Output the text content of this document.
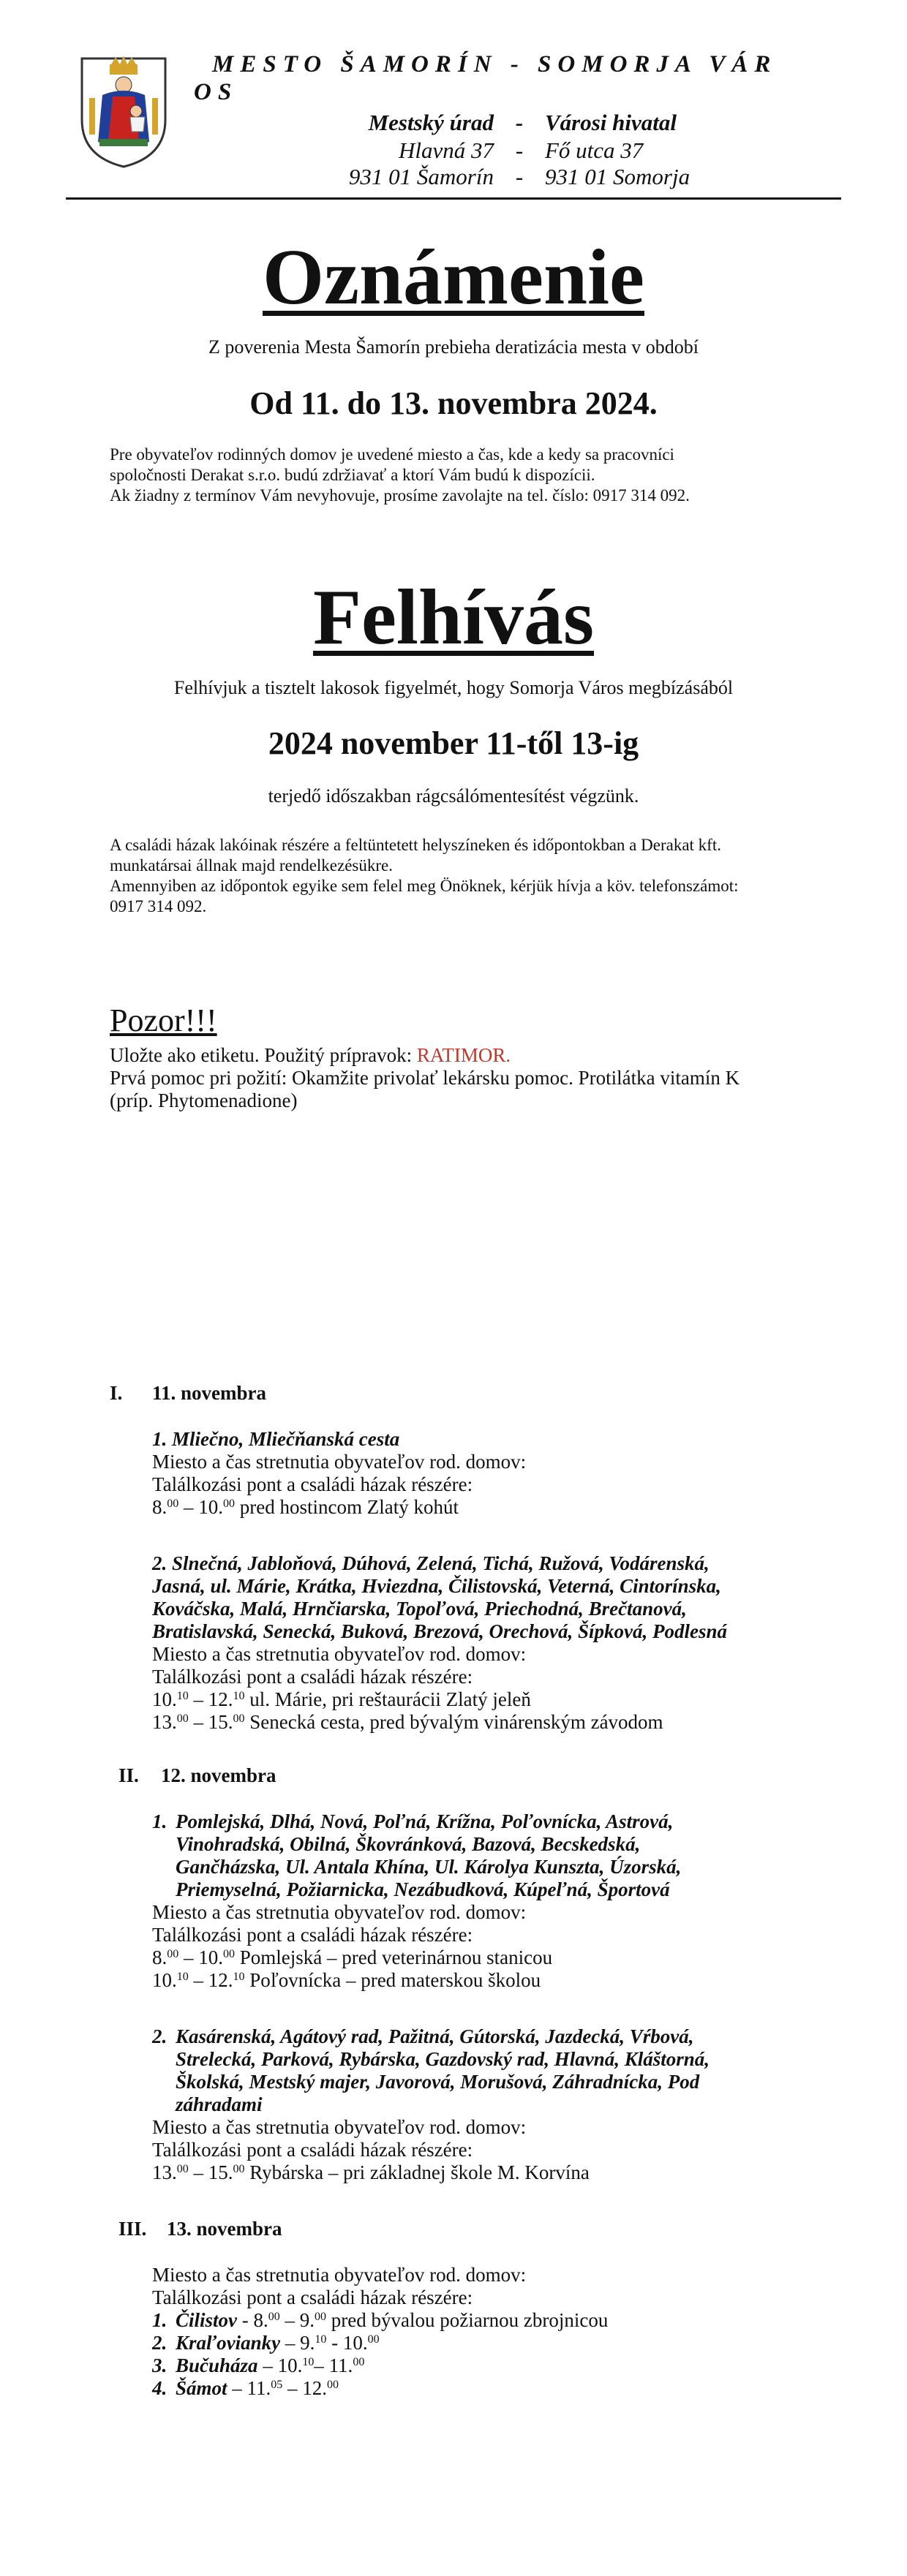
MESTO ŠAMORÍN - SOMORJA VÁR
OS
Mestský úrad - Városi hivatal
Hlavná 37 - Fő utca 37
931 01 Šamorín - 931 01 Somorja
Oznámenie
Z poverenia Mesta Šamorín prebieha deratizácia mesta v období
Od 11. do 13. novembra 2024.
Pre obyvateľov rodinných domov je uvedené miesto a čas, kde a kedy sa pracovníci
spoločnosti Derakat s.r.o. budú zdržiavať a ktorí Vám budú k dispozícii.
Ak žiadny z termínov Vám nevyhovuje, prosíme zavolajte na tel. číslo: 0917 314 092.
Felhívás
Felhívjuk a tisztelt lakosok figyelmét, hogy Somorja Város megbízásából
2024 november 11-től 13-ig
terjedő időszakban rágcsálómentesítést végzünk.
A családi házak lakóinak részére a feltüntetett helyszíneken és időpontokban a Derakat kft.
munkatársai állnak majd rendelkezésükre.
Amennyiben az időpontok egyike sem felel meg Önöknek, kérjük hívja a köv. telefonszámot:
0917 314 092.
Pozor!!!
Uložte ako etiketu. Použitý prípravok: RATIMOR.
Prvá pomoc pri požití: Okamžite privolať lekársku pomoc. Protilátka vitamín K
(príp. Phytomenadione)
I. 11. novembra
1. Mliečno, Mliečňanská cesta
Miesto a čas stretnutia obyvateľov rod. domov:
Találkozási pont a családi házak részére:
8.00 – 10.00 pred hostincom Zlatý kohút
2. Slnečná, Jabloňová, Dúhová, Zelená, Tichá, Ružová, Vodárenská,
Jasná, ul. Márie, Krátka, Hviezdna, Čilistovská, Veterná, Cintorínska,
Kováčska, Malá, Hrnčiarska, Topoľová, Priechodná, Brečtanová,
Bratislavská, Senecká, Buková, Brezová, Orechová, Šípková, Podlesná
Miesto a čas stretnutia obyvateľov rod. domov:
Találkozási pont a családi házak részére:
10.10 – 12.10 ul. Márie, pri reštaurácii Zlatý jeleň
13.00 – 15.00 Senecká cesta, pred bývalým vinárenským závodom
II. 12. novembra
1. Pomlejská, Dlhá, Nová, Poľná, Krížna, Poľovnícka, Astrová,
Vinohradská, Obilná, Škovránková, Bazová, Becskedská,
Gančházska, Ul. Antala Khína, Ul. Károlya Kunszta, Úzorská,
Priemyselná, Požiarnicka, Nezábudková, Kúpeľná, Športová
Miesto a čas stretnutia obyvateľov rod. domov:
Találkozási pont a családi házak részére:
8.00 – 10.00 Pomlejská – pred veterinárnou stanicou
10.10 – 12.10 Poľovnícka – pred materskou školou
2. Kasárenská, Agátový rad, Pažitná, Gútorská, Jazdecká, Vŕbová,
Strelecká, Parková, Rybárska, Gazdovský rad, Hlavná, Kláštorná,
Školská, Mestský majer, Javorová, Morušová, Záhradnícka, Pod
záhradami
Miesto a čas stretnutia obyvateľov rod. domov:
Találkozási pont a családi házak részére:
13.00 – 15.00 Rybárska – pri základnej škole M. Korvína
III. 13. novembra
Miesto a čas stretnutia obyvateľov rod. domov:
Találkozási pont a családi házak részére:
1. Čilistov - 8.00 – 9.00 pred bývalou požiarnou zbrojnicou
2. Kraľovianky – 9.10 - 10.00
3. Bučuháza – 10.10– 11.00
4. Šámot – 11.05 – 12.00
